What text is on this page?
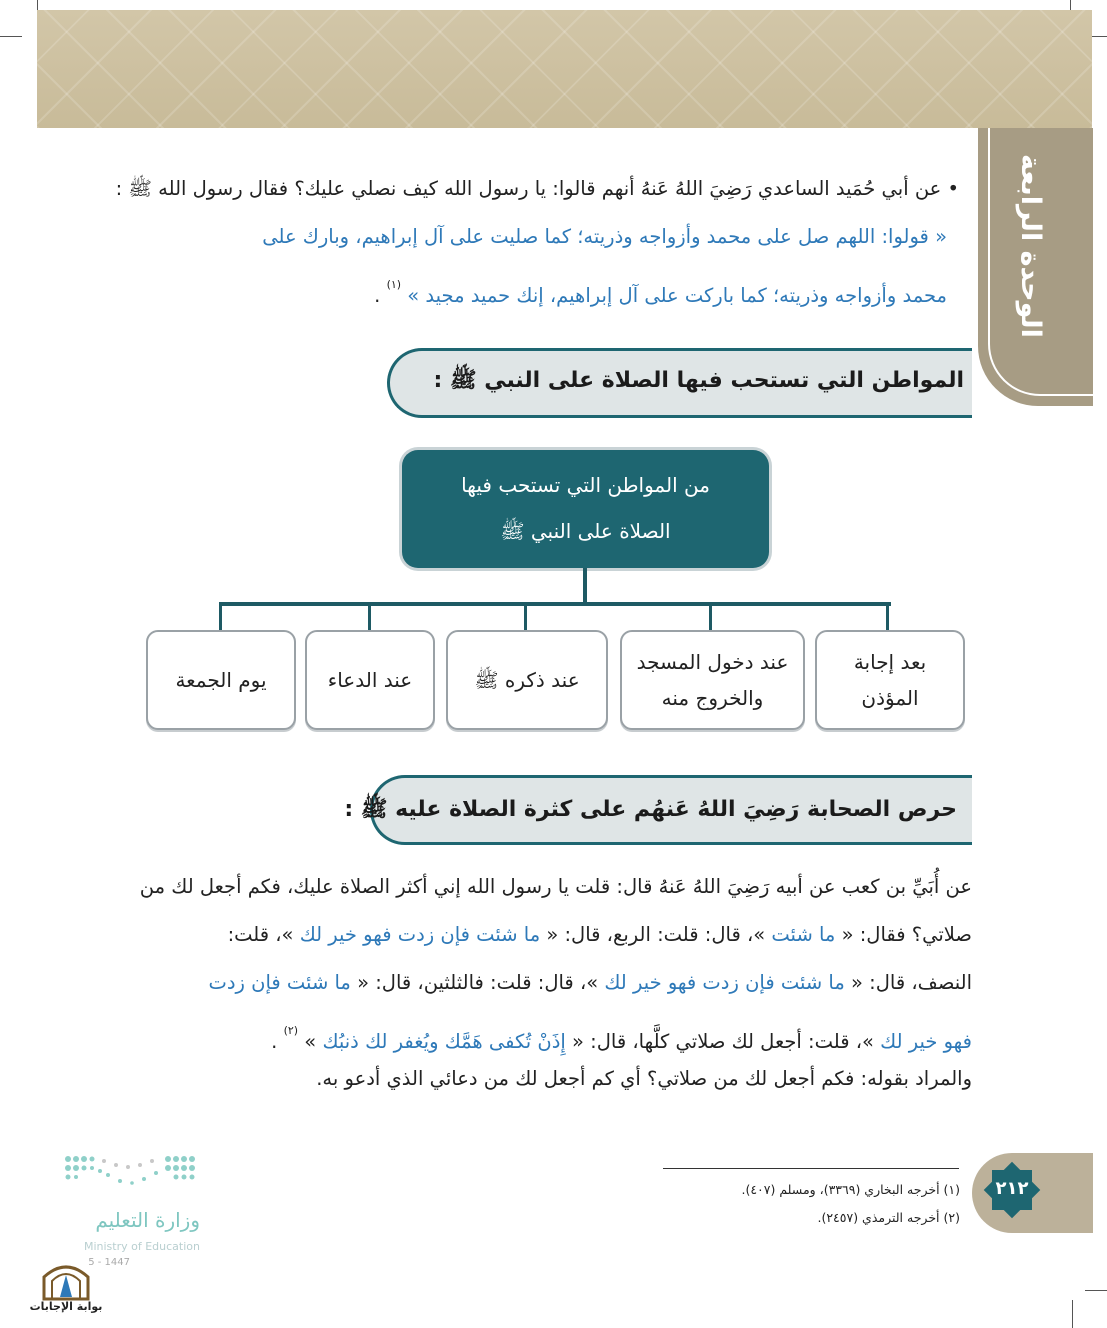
الوحدة الرابعة
• عن أبي حُمَيد الساعدي رَضِيَ اللهُ عَنهُ أنهم قالوا: يا رسول الله كيف نصلي عليك؟ فقال رسول الله ﷺ :
« قولوا: اللهم صل على محمد وأزواجه وذريته؛ كما صليت على آل إبراهيم، وبارك على
محمد وأزواجه وذريته؛ كما باركت على آل إبراهيم، إنك حميد مجيد » $^{(١)}$ .
المواطن التي تستحب فيها الصلاة على النبي ﷺ :
من المواطن التي تستحب فيها
الصلاة على النبي ﷺ
بعد إجابة
المؤذن
عند دخول المسجد
والخروج منه
عند ذكره ﷺ
عند الدعاء
يوم الجمعة
حرص الصحابة رَضِيَ اللهُ عَنهُم على كثرة الصلاة عليه ﷺ :
عن أُبَيِّ بن كعب عن أبيه رَضِيَ اللهُ عَنهُ قال: قلت يا رسول الله إني أكثر الصلاة عليك، فكم أجعل لك من
صلاتي؟ فقال: « ما شئت »، قال: قلت: الربع، قال: « ما شئت فإن زدت فهو خير لك »، قلت:
النصف، قال: « ما شئت فإن زدت فهو خير لك »، قال: قلت: فالثلثين، قال: « ما شئت فإن زدت
فهو خير لك »، قلت: أجعل لك صلاتي كلَّها، قال: « إِذَنْ تُكفى هَمَّك ويُغفر لك ذنبُك » $^{(٢)}$ .
والمراد بقوله: فكم أجعل لك من صلاتي؟ أي كم أجعل لك من دعائي الذي أدعو به.
(١) أخرجه البخاري (٣٣٦٩)، ومسلم (٤٠٧).
(٢) أخرجه الترمذي (٢٤٥٧).
٢١٢
وزارة التعليم
Ministry of Education
5 - 1447
بوابة الإجابات
